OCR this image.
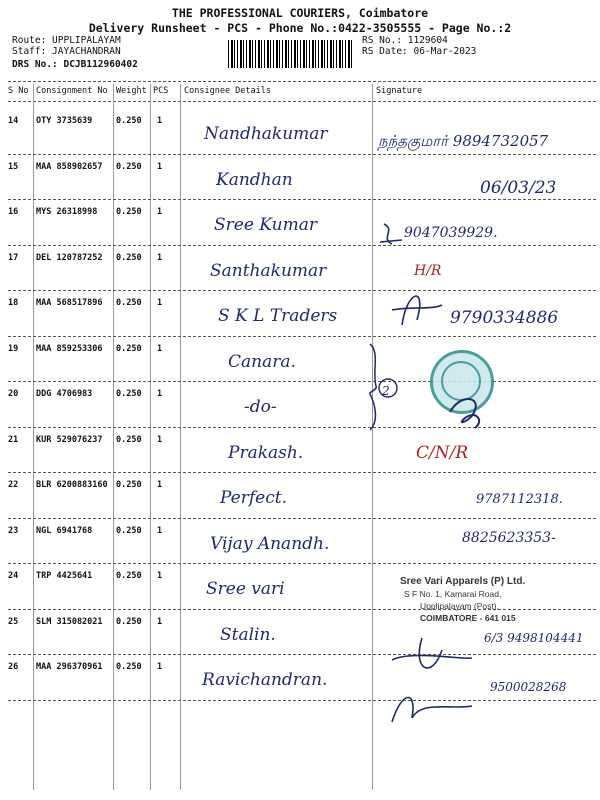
THE PROFESSIONAL COURIERS, Coimbatore
Delivery Runsheet - PCS - Phone No.:0422-3505555 - Page No.:2
Route: UPPLIPALAYAM
Staff: JAYACHANDRAN
DRS No.: DCJB112960402
RS No.: 1129604
RS Date: 06-Mar-2023
S No Consignment No Weight PCS Consignee Details	Signature
14 OTY 3735639	0.250 1
Nandhakumar	நந்தகுமார் 9894732057
15 MAA 858902657 0.250 1
Kandhan	06/03/23
16 MYS 26318998 0.250 1
Sree Kumar	9047039929.
17 DEL 120787252 0.250 1
Santhakumar	H/R
18 MAA 568517896 0.250 1
S K L Traders	9790334886
19 MAA 859253306 0.250 1
Canara.
20 DDG 4706983	0.250 1
-do-
21 KUR 529076237 0.250 1
Prakash.	C/N/R
22 BLR 6200883160 0.250 1
Perfect.	9787112318.
23 NGL 6941768	0.250 1
Vijay Anandh.	8825623353-
24 TRP 4425641	0.250 1
Sree vari
25 SLM 315082021 0.250 1
Stalin.	6/3 9498104441
26 MAA 296370961 0.250 1
Ravichandran.	9500028268
2
Sree Vari Apparels (P) Ltd.
S F No. 1, Kamarai Road,
Upplipalayam (Post),
COIMBATORE - 641 015
